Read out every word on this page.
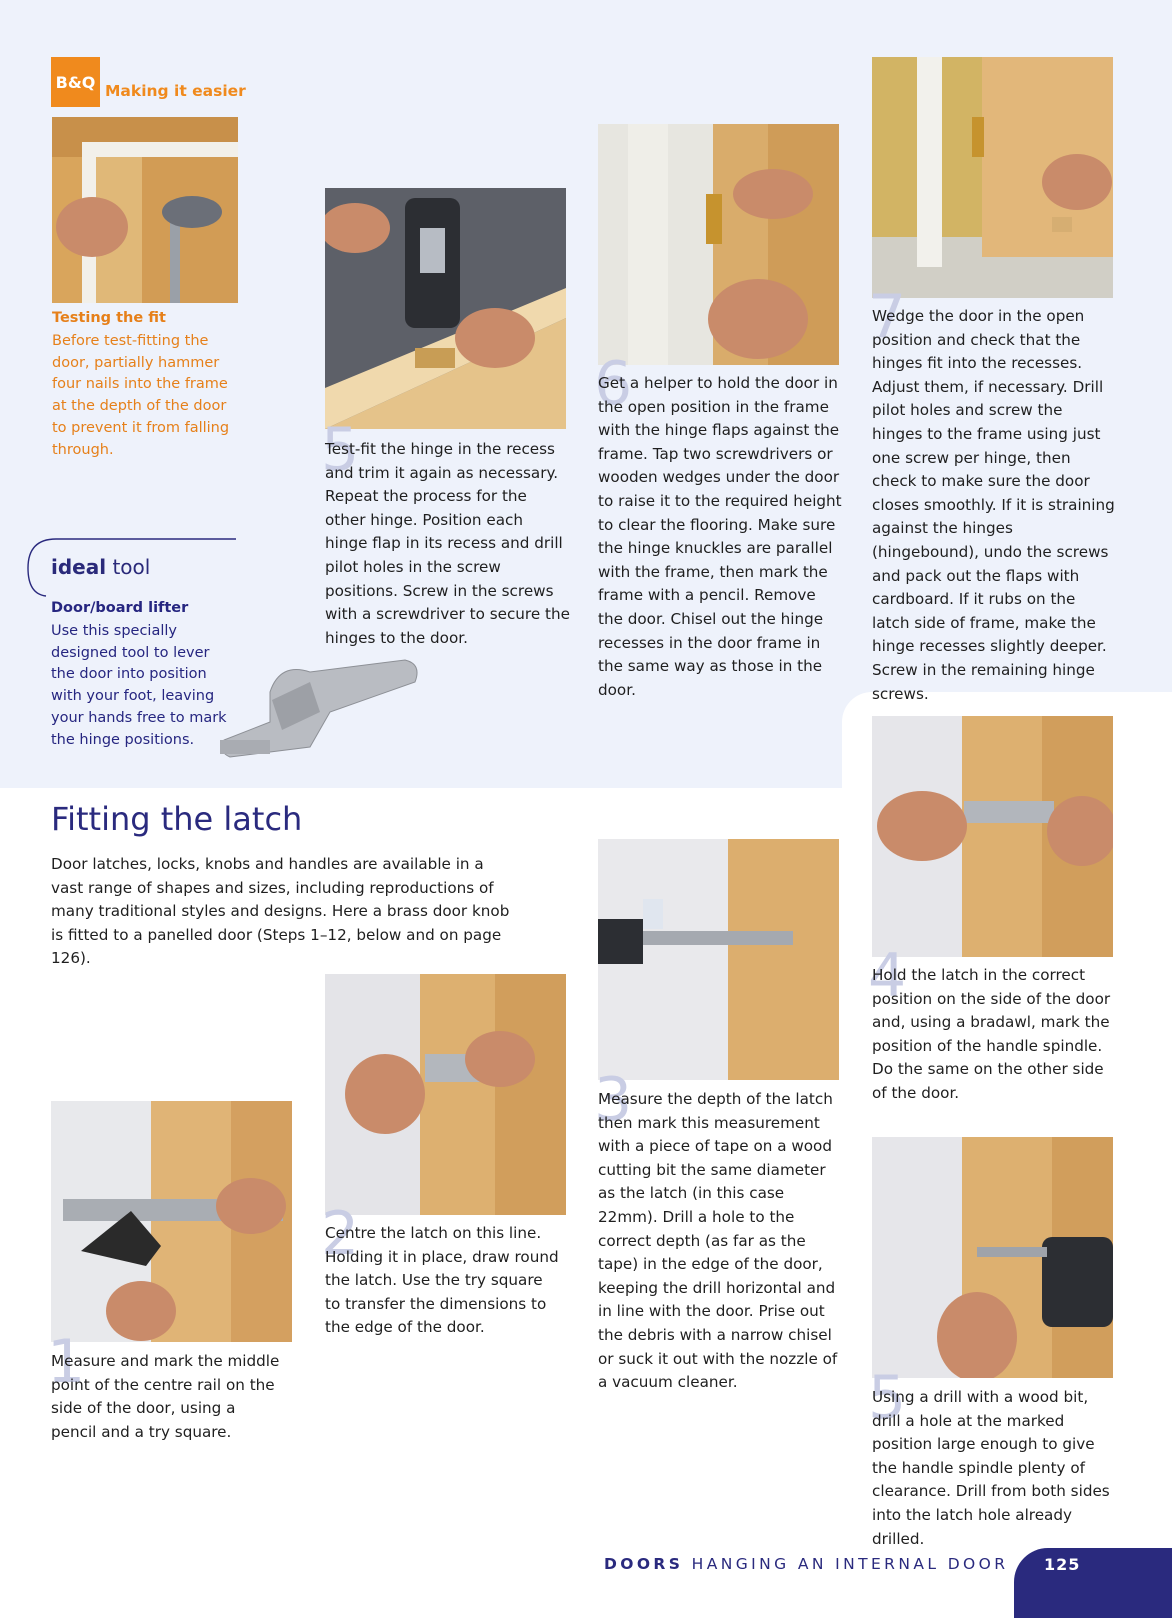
B&Q Making it easier
Testing the fit
Before test-fitting the door, partially hammer four nails into the frame at the depth of the door to prevent it from falling through.
ideal tool
Door/board lifter
Use this specially designed tool to lever the door into position with your foot, leaving your hands free to mark the hinge positions.
5
Test-fit the hinge in the recess and trim it again as necessary. Repeat the process for the other hinge. Position each hinge flap in its recess and drill pilot holes in the screw positions. Screw in the screws with a screwdriver to secure the hinges to the door.
6
Get a helper to hold the door in the open position in the frame with the hinge flaps against the frame. Tap two screwdrivers or wooden wedges under the door to raise it to the required height to clear the flooring. Make sure the hinge knuckles are parallel with the frame, then mark the frame with a pencil. Remove the door. Chisel out the hinge recesses in the door frame in the same way as those in the door.
7
Wedge the door in the open position and check that the hinges fit into the recesses. Adjust them, if necessary. Drill pilot holes and screw the hinges to the frame using just one screw per hinge, then check to make sure the door closes smoothly. If it is straining against the hinges (hingebound), undo the screws and pack out the flaps with cardboard. If it rubs on the latch side of frame, make the hinge recesses slightly deeper. Screw in the remaining hinge screws.
Fitting the latch
Door latches, locks, knobs and handles are available in a vast range of shapes and sizes, including reproductions of many traditional styles and designs. Here a brass door knob is fitted to a panelled door (Steps 1–12, below and on page 126).
1
Measure and mark the middle point of the centre rail on the side of the door, using a pencil and a try square.
2
Centre the latch on this line. Holding it in place, draw round the latch. Use the try square to transfer the dimensions to the edge of the door.
3
Measure the depth of the latch then mark this measurement with a piece of tape on a wood cutting bit the same diameter as the latch (in this case 22mm). Drill a hole to the correct depth (as far as the tape) in the edge of the door, keeping the drill horizontal and in line with the door. Prise out the debris with a narrow chisel or suck it out with the nozzle of a vacuum cleaner.
4
Hold the latch in the correct position on the side of the door and, using a bradawl, mark the position of the handle spindle. Do the same on the other side of the door.
5
Using a drill with a wood bit, drill a hole at the marked position large enough to give the handle spindle plenty of clearance. Drill from both sides into the latch hole already drilled.
DOORS HANGING AN INTERNAL DOOR 125
